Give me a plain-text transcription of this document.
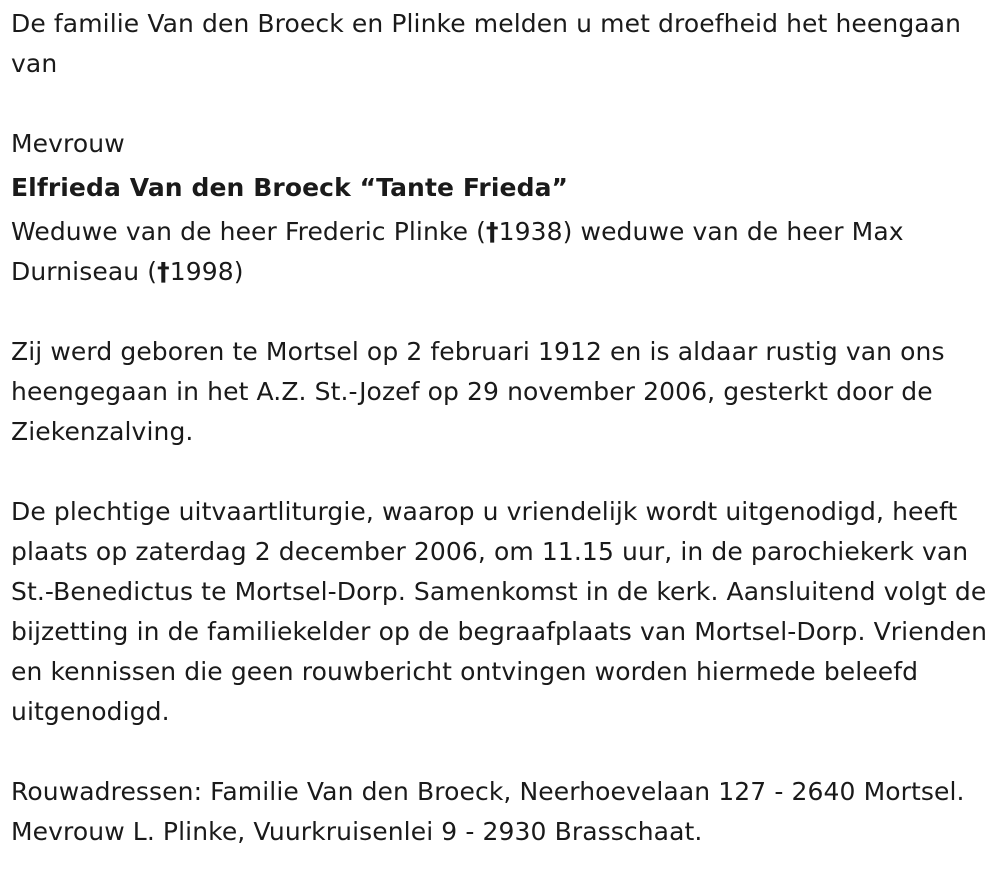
De familie Van den Broeck en Plinke melden u met droefheid het heengaan van

Mevrouw

Elfrieda Van den Broeck “Tante Frieda”

Weduwe van de heer Frederic Plinke (†1938) weduwe van de heer Max Durniseau (†1998)

Zij werd geboren te Mortsel op 2 februari 1912 en is aldaar rustig van ons heengegaan in het A.Z. St.-Jozef op 29 november 2006, gesterkt door de Ziekenzalving.

De plechtige uitvaartliturgie, waarop u vriendelijk wordt uitgenodigd, heeft plaats op zaterdag 2 december 2006, om 11.15 uur, in de parochiekerk van St.-Benedictus te Mortsel-Dorp. Samenkomst in de kerk. Aansluitend volgt de bijzetting in de familiekelder op de begraafplaats van Mortsel-Dorp. Vrienden en kennissen die geen rouwbericht ontvingen worden hiermede beleefd uitgenodigd.

Rouwadressen: Familie Van den Broeck, Neerhoevelaan 127 - 2640 Mortsel. Mevrouw L. Plinke, Vuurkruisenlei 9 - 2930 Brasschaat.
